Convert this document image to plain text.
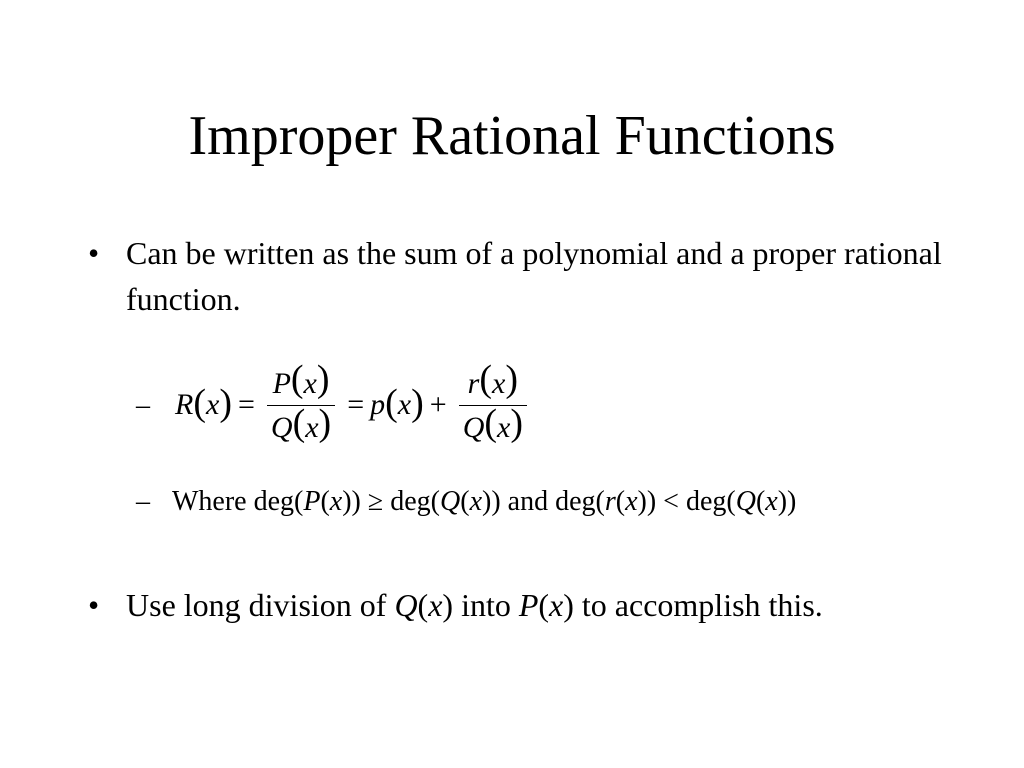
Improper Rational Functions
• Can be written as the sum of a polynomial and a proper rational function.
– R ( x ) = $\frac{P(x)}{Q(x)} = p$ ( x ) + $\frac{r(x)}{Q(x)}$
– Where deg(P(x)) ≥ deg(Q(x)) and deg(r(x)) < deg(Q(x))
• Use long division of Q(x) into P(x) to accomplish this.
